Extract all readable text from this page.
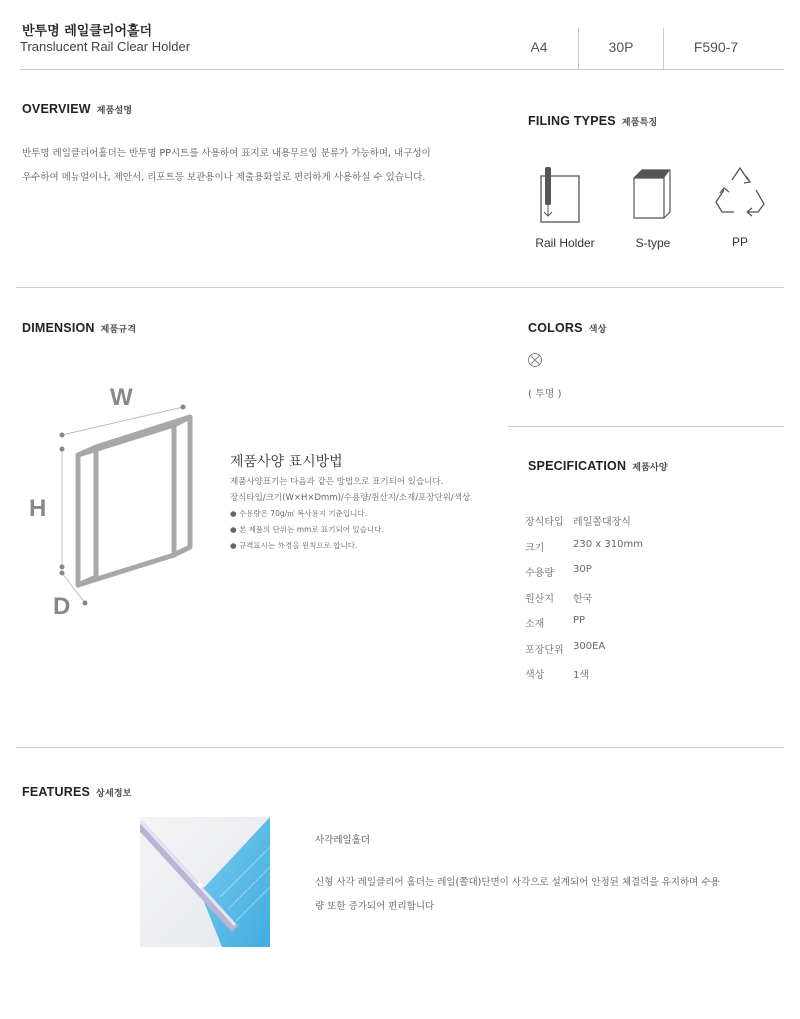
반투명 레일클리어홀더
Translucent Rail Clear Holder	A4	30P	F590-7
OVERVIEW 제품설명
반투명 레일클리어홀더는 반투명 PP시트를 사용하여 표지로 내용무르잉 분류가 가능하며, 내구성이
우수하여 메뉴얼이나, 제안서, 리포트등 보관용이나 제출용화일로 편리하게 사용하실 수 있습니다.
FILING TYPES 제품특징
Rail Holder	S-type	PP
DIMENSION 제품규격
W
H
D
제품사양 표시방법
제품사양표기는 다음과 같은 방법으로 표기되어 있습니다.
장식타입/크기(W×H×Dmm)/수용량/원산지/소재/포장단위/색상
● 수용량은 70g/㎡ 복사용지 기준입니다.
● 본 제품의 단위는 mm로 표기되어 있습니다.
● 규격표시는 外경을 원칙으로 합니다.
COLORS 색상
( 투명 )
SPECIFICATION 제품사양
장식타입 레일쫄대장식
크기	230 x 310mm
수용량 30P
원산지 한국
소재	PP
포장단위 300EA
색상	1색
FEATURES 상세정보
사각레일홀더
신형 사각 레일클리어 홀더는 레일(쫄대)단면이 사각으로 설계되어 안정된 체결력을 유지하며 수용
량 또한 증가되어 편리합니다
